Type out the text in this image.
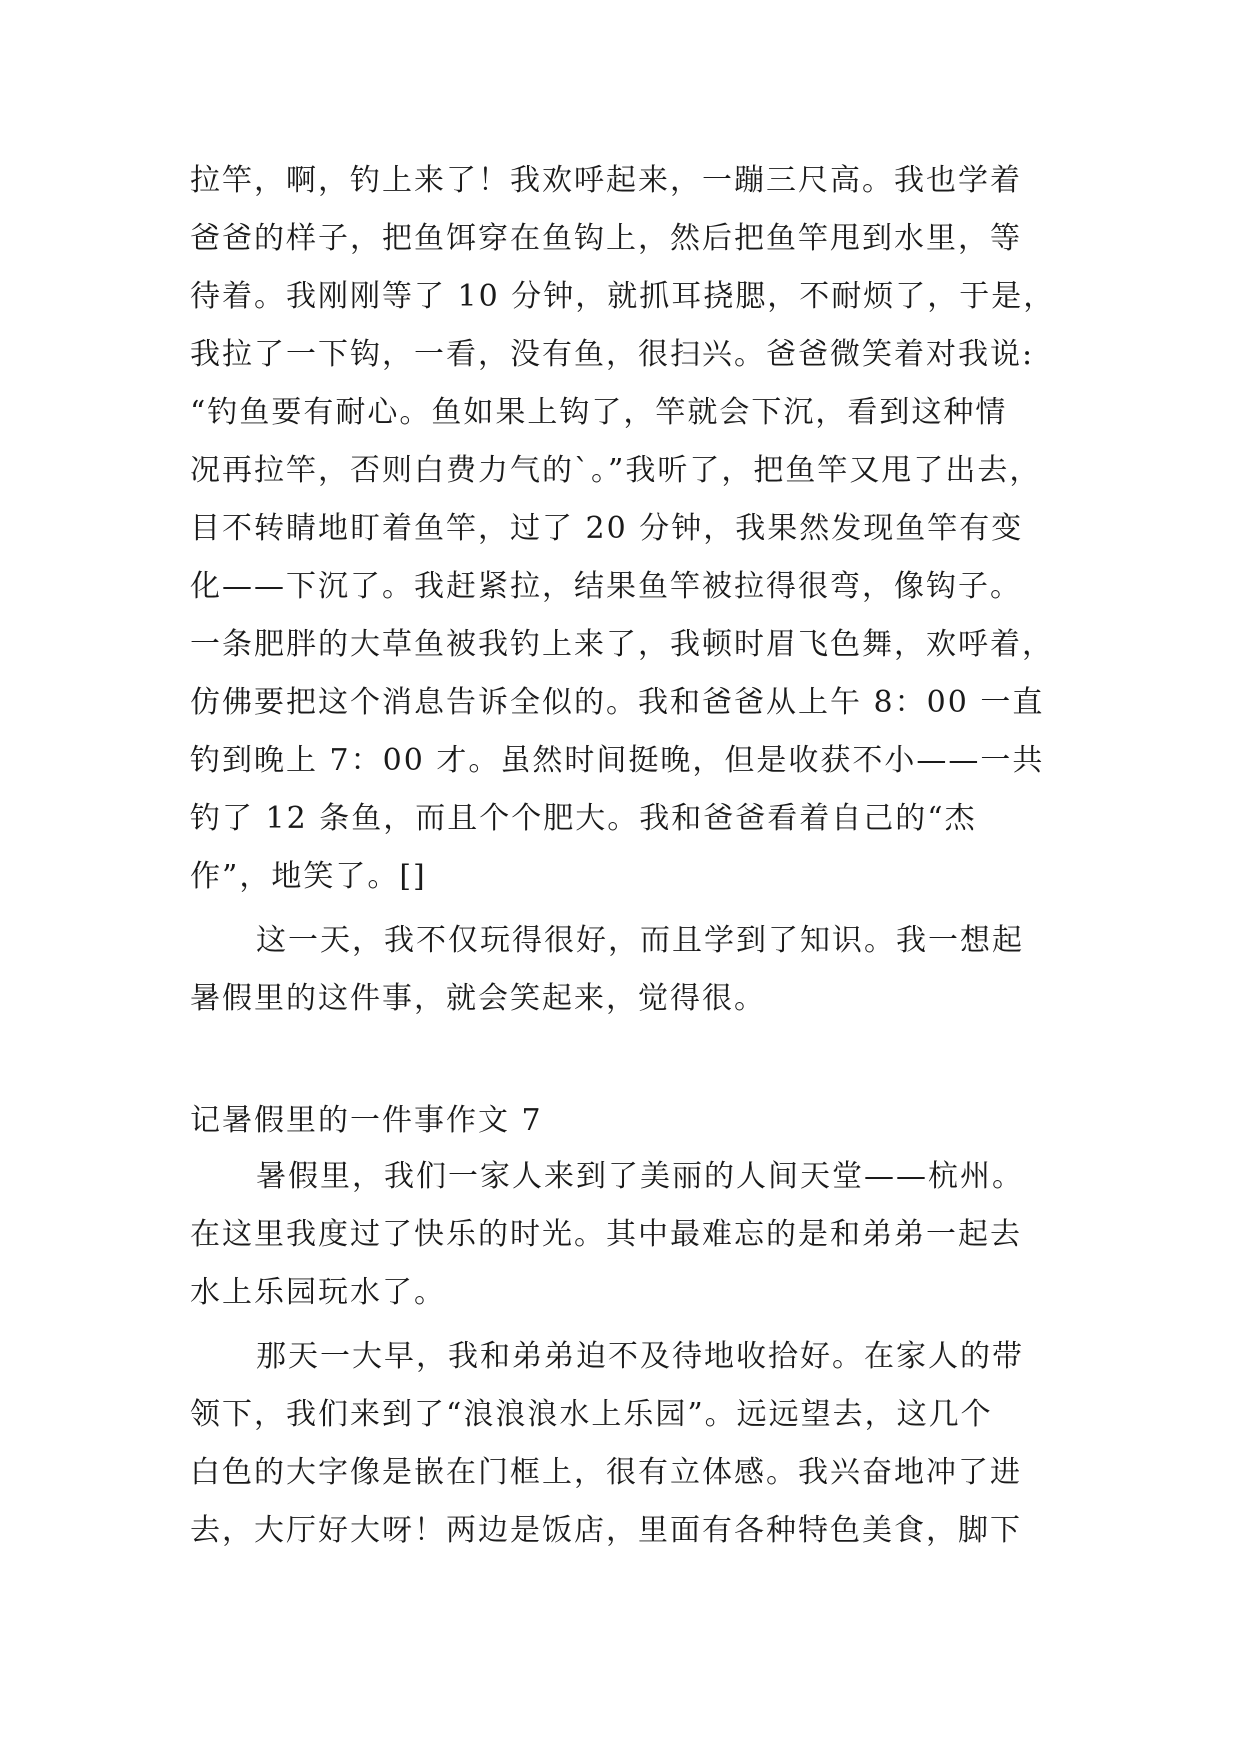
拉竿，啊，钓上来了！我欢呼起来，一蹦三尺高。我也学着
爸爸的样子，把鱼饵穿在鱼钩上，然后把鱼竿甩到水里，等
待着。我刚刚等了 10 分钟，就抓耳挠腮，不耐烦了，于是，
我拉了一下钩，一看，没有鱼，很扫兴。爸爸微笑着对我说:
“钓鱼要有耐心。鱼如果上钩了，竿就会下沉，看到这种情
况再拉竿，否则白费力气的`。”我听了，把鱼竿又甩了出去，
目不转睛地盯着鱼竿，过了 20 分钟，我果然发现鱼竿有变
化——下沉了。我赶紧拉，结果鱼竿被拉得很弯，像钩子。
一条肥胖的大草鱼被我钓上来了，我顿时眉飞色舞，欢呼着，
仿佛要把这个消息告诉全似的。我和爸爸从上午 8：00 一直
钓到晚上 7：00 才。虽然时间挺晚，但是收获不小——一共
钓了 12 条鱼，而且个个肥大。我和爸爸看着自己的“杰
作”，地笑了。[]
这一天，我不仅玩得很好，而且学到了知识。我一想起
暑假里的这件事，就会笑起来，觉得很。
记暑假里的一件事作文 7
暑假里，我们一家人来到了美丽的人间天堂——杭州。
在这里我度过了快乐的时光。其中最难忘的是和弟弟一起去
水上乐园玩水了。
那天一大早，我和弟弟迫不及待地收拾好。在家人的带
领下，我们来到了“浪浪浪水上乐园”。远远望去，这几个
白色的大字像是嵌在门框上，很有立体感。我兴奋地冲了进
去，大厅好大呀！两边是饭店，里面有各种特色美食，脚下
